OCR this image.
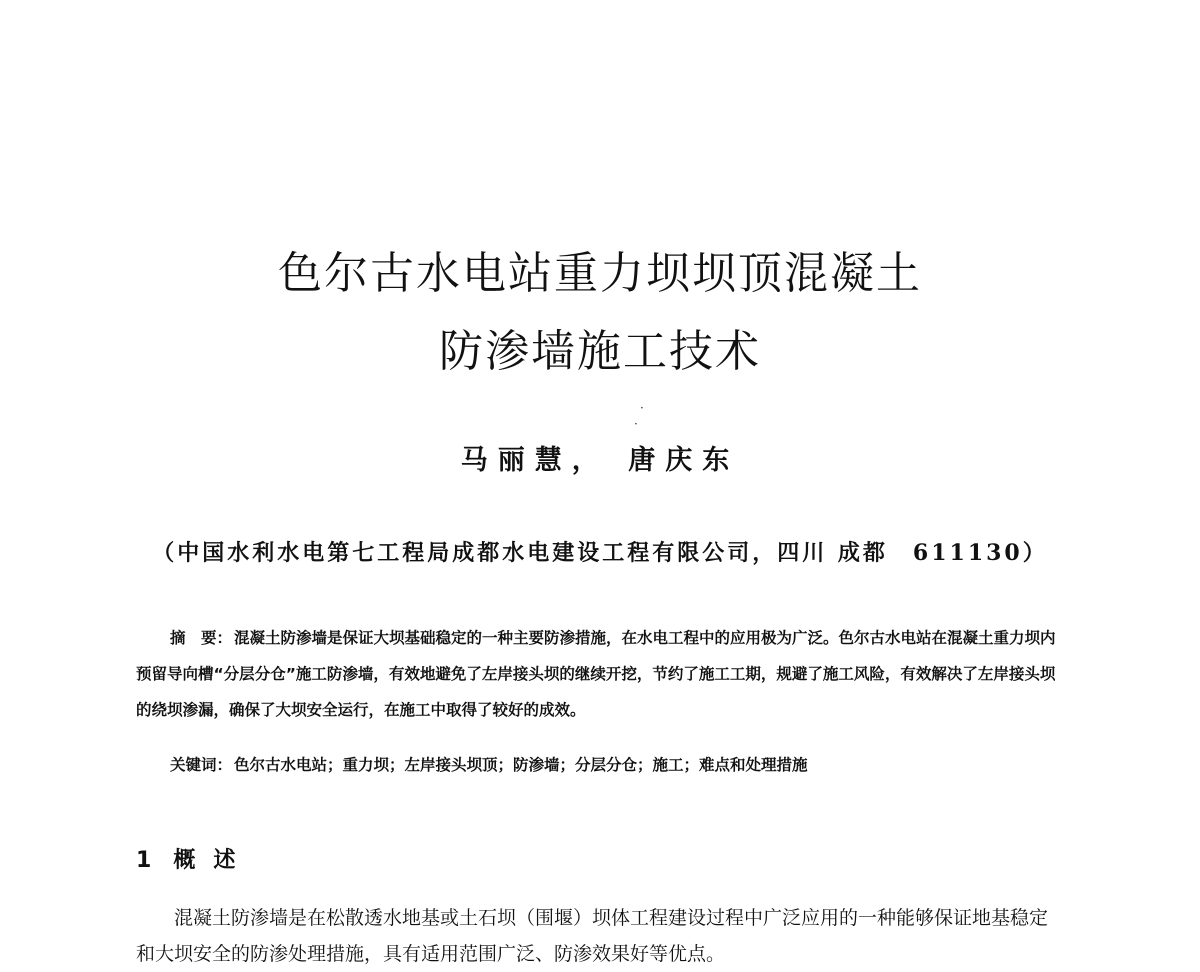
色尔古水电站重力坝坝顶混凝土
防渗墙施工技术
·
·
马丽慧， 唐庆东
（中国水利水电第七工程局成都水电建设工程有限公司，四川 成都　611130）
摘　要： 混凝土防渗墙是保证大坝基础稳定的一种主要防渗措施，在水电工程中的应用极为广泛。色尔古水电站在混凝土重力坝内预留导向槽“分层分仓”施工防渗墙，有效地避免了左岸接头坝的继续开挖，节约了施工工期，规避了施工风险，有效解决了左岸接头坝的绕坝渗漏，确保了大坝安全运行，在施工中取得了较好的成效。
关键词： 色尔古水电站；重力坝；左岸接头坝顶；防渗墙；分层分仓；施工；难点和处理措施
1 概述
混凝土防渗墙是在松散透水地基或土石坝（围堰）坝体工程建设过程中广泛应用的一种能够保证地基稳定和大坝安全的防渗处理措施，具有适用范围广泛、防渗效果好等优点。
